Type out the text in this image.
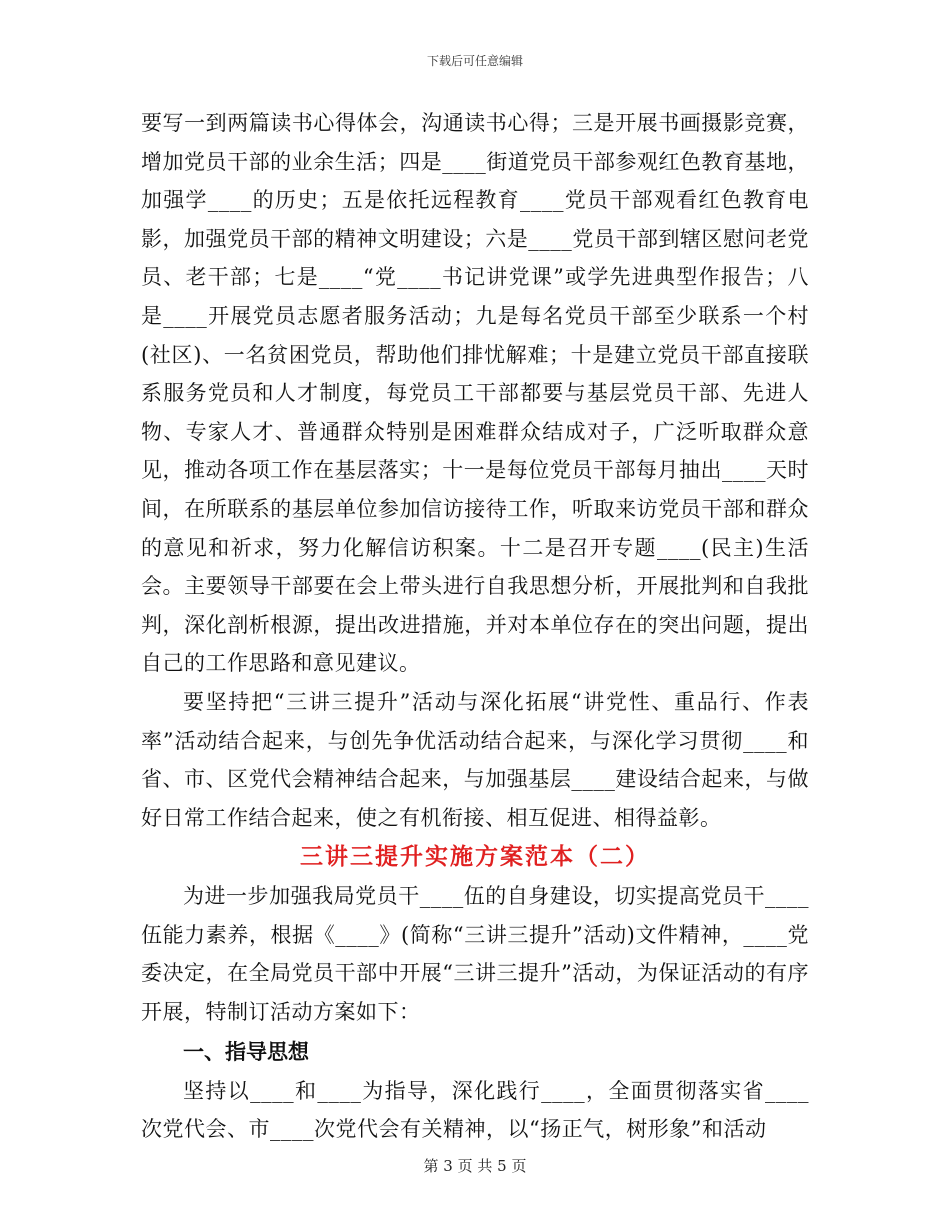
下载后可任意编辑

要写一到两篇读书心得体会，沟通读书心得；三是开展书画摄影竞赛，增加党员干部的业余生活；四是____街道党员干部参观红色教育基地，加强学____的历史；五是依托远程教育____党员干部观看红色教育电影，加强党员干部的精神文明建设；六是____党员干部到辖区慰问老党员、老干部；七是____“党____书记讲党课”或学先进典型作报告；八是____开展党员志愿者服务活动；九是每名党员干部至少联系一个村(社区)、一名贫困党员，帮助他们排忧解难；十是建立党员干部直接联系服务党员和人才制度，每党员工干部都要与基层党员干部、先进人物、专家人才、普通群众特别是困难群众结成对子，广泛听取群众意见，推动各项工作在基层落实；十一是每位党员干部每月抽出____天时间，在所联系的基层单位参加信访接待工作，听取来访党员干部和群众的意见和祈求，努力化解信访积案。十二是召开专题____(民主)生活会。主要领导干部要在会上带头进行自我思想分析，开展批判和自我批判，深化剖析根源，提出改进措施，并对本单位存在的突出问题，提出自己的工作思路和意见建议。

要坚持把“三讲三提升”活动与深化拓展“讲党性、重品行、作表率”活动结合起来，与创先争优活动结合起来，与深化学习贯彻____和省、市、区党代会精神结合起来，与加强基层____建设结合起来，与做好日常工作结合起来，使之有机衔接、相互促进、相得益彰。

三讲三提升实施方案范本（二）

为进一步加强我局党员干____伍的自身建设，切实提高党员干____伍能力素养，根据《____》(简称“三讲三提升”活动)文件精神，____党委决定，在全局党员干部中开展“三讲三提升”活动，为保证活动的有序开展，特制订活动方案如下：

一、指导思想

坚持以____和____为指导，深化践行____，全面贯彻落实省____次党代会、市____次党代会有关精神，以“扬正气，树形象”和活动

第 3 页 共 5 页
